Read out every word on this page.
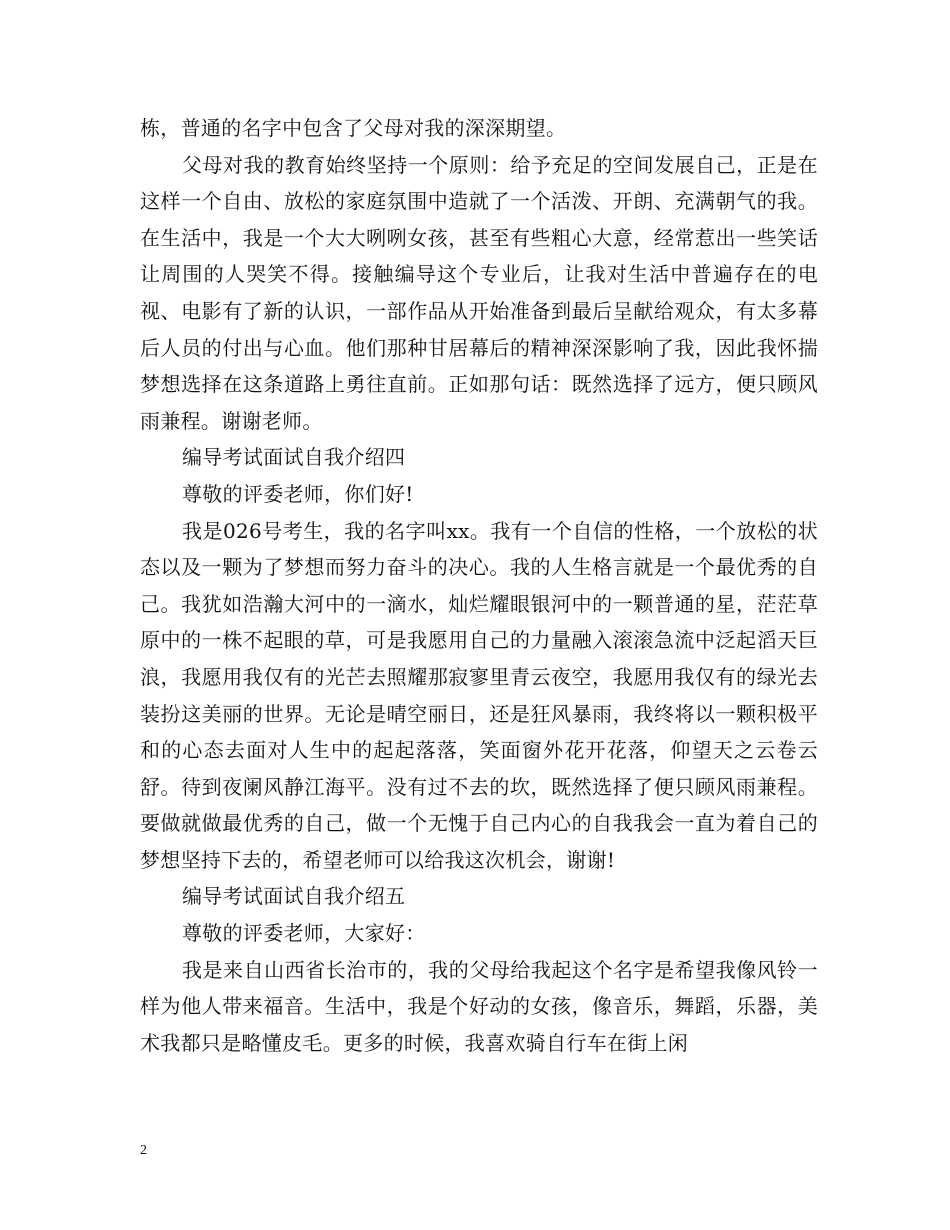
栋，普通的名字中包含了父母对我的深深期望。

父母对我的教育始终坚持一个原则：给予充足的空间发展自己，正是在这样一个自由、放松的家庭氛围中造就了一个活泼、开朗、充满朝气的我。在生活中，我是一个大大咧咧女孩，甚至有些粗心大意，经常惹出一些笑话让周围的人哭笑不得。接触编导这个专业后，让我对生活中普遍存在的电视、电影有了新的认识，一部作品从开始准备到最后呈献给观众，有太多幕后人员的付出与心血。他们那种甘居幕后的精神深深影响了我，因此我怀揣梦想选择在这条道路上勇往直前。正如那句话：既然选择了远方，便只顾风雨兼程。谢谢老师。

编导考试面试自我介绍四

尊敬的评委老师，你们好!

我是026号考生，我的名字叫xx。我有一个自信的性格，一个放松的状态以及一颗为了梦想而努力奋斗的决心。我的人生格言就是一个最优秀的自己。我犹如浩瀚大河中的一滴水，灿烂耀眼银河中的一颗普通的星，茫茫草原中的一株不起眼的草，可是我愿用自己的力量融入滚滚急流中泛起滔天巨浪，我愿用我仅有的光芒去照耀那寂寥里青云夜空，我愿用我仅有的绿光去装扮这美丽的世界。无论是晴空丽日，还是狂风暴雨，我终将以一颗积极平和的心态去面对人生中的起起落落，笑面窗外花开花落，仰望天之云卷云舒。待到夜阑风静江海平。没有过不去的坎，既然选择了便只顾风雨兼程。要做就做最优秀的自己，做一个无愧于自己内心的自我我会一直为着自己的梦想坚持下去的，希望老师可以给我这次机会，谢谢!

编导考试面试自我介绍五

尊敬的评委老师，大家好：

我是来自山西省长治市的，我的父母给我起这个名字是希望我像风铃一样为他人带来福音。生活中，我是个好动的女孩，像音乐，舞蹈，乐器，美术我都只是略懂皮毛。更多的时候，我喜欢骑自行车在街上闲

2
